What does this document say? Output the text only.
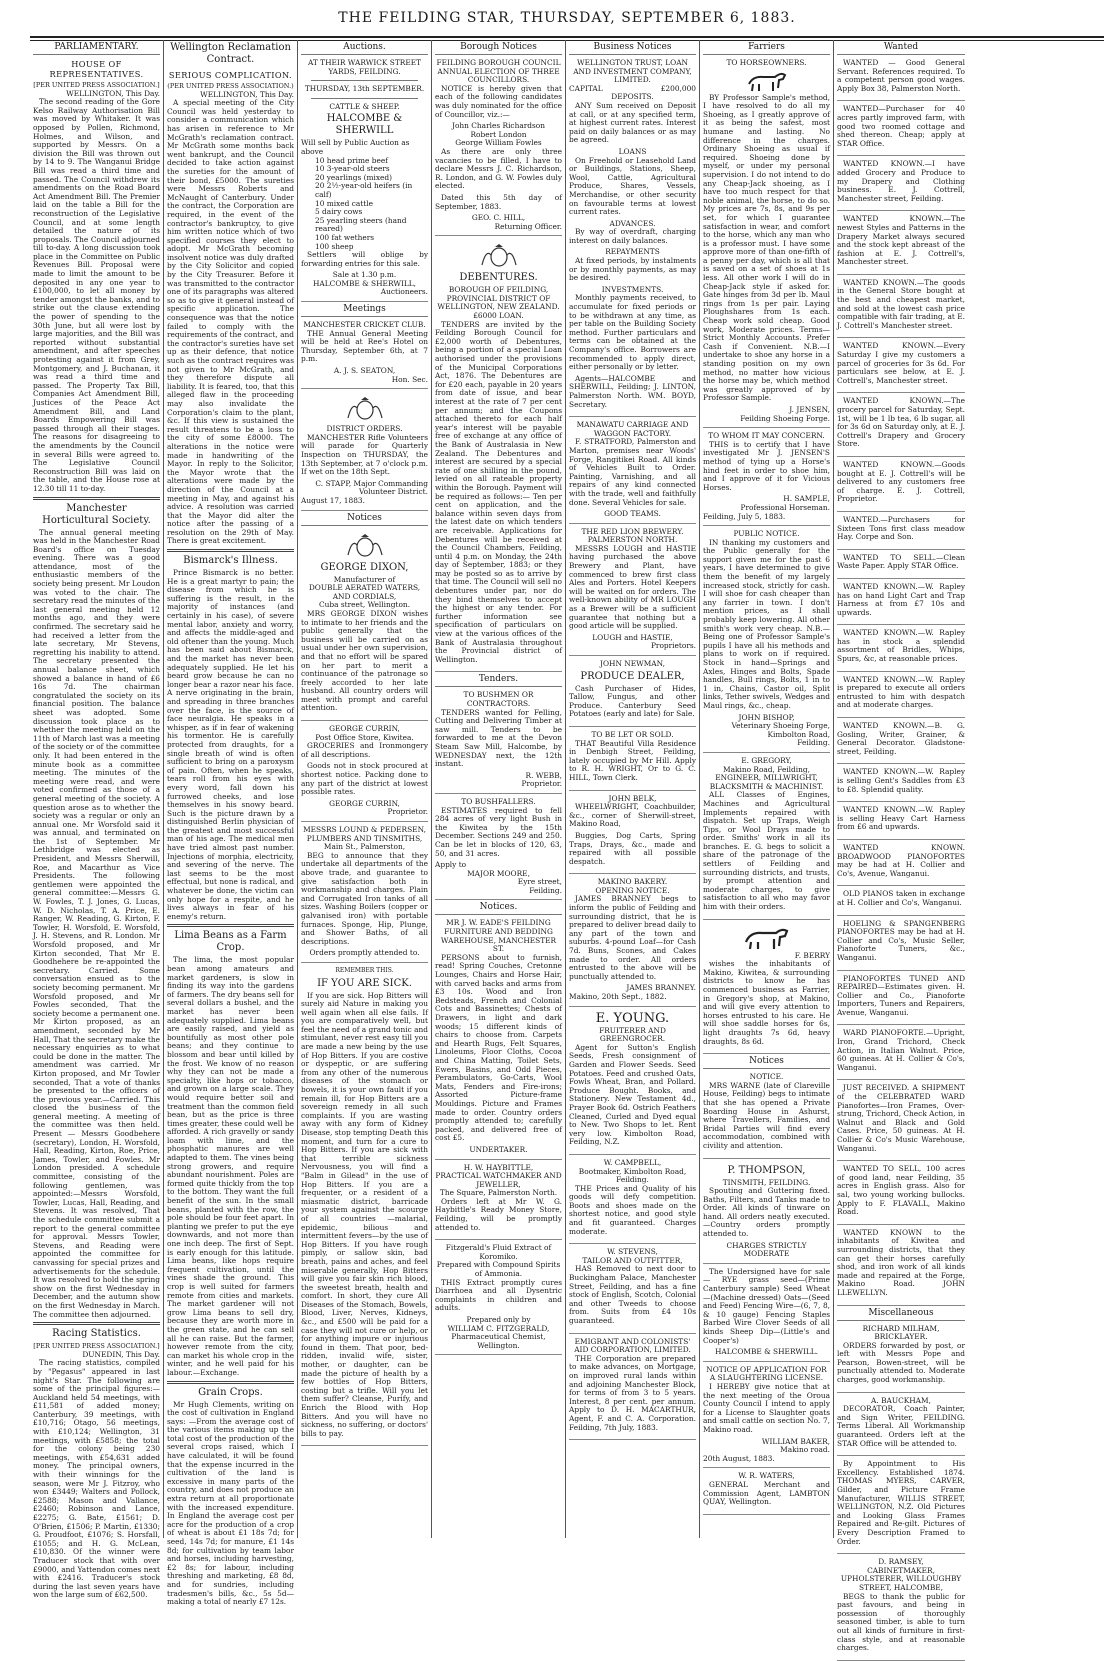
THE FEILDING STAR, THURSDAY, SEPTEMBER 6, 1883.
PARLIAMENTARY.
HOUSE OF REPRESENTATIVES.
[PER UNITED PRESS ASSOCIATION.]
WELLINGTON, This Day.

The second reading of the Gore Kelso Railway Authorisation Bill was moved by Whitaker. It was opposed by Pollen, Richmond, Holmes, and Wilson, and supported by Messrs. On a division the Bill was thrown out by 14 to 9. The Wanganui Bridge Bill was read a third time and passed. The Council withdrew its amendments on the Road Board Act Amendment Bill. The Premier laid on the table a Bill for the reconstruction of the Legislative Council, and at some length detailed the nature of its proposals. The Council adjourned till to-day. A long discussion took place in the Committee on Public Revenues Bill. Proposal were made to limit the amount to be deposited in any one year to £100,000, to let all money by tender amongst the banks, and to strike out the clause extending the power of spending to the 30th June, but all were lost by large majorities, and the Bill was reported without substantial amendment, and after speeches protesting against it from Grey, Montgomery, and J. Buchanan, it was read a third time and passed. The Property Tax Bill, Companies Act Amendment Bill, Justices of the Peace Act Amendment Bill, and Land Boards Empowering Bill was passed through all their stages. The reasons for disagreeing to the amendments by the Council in several Bills were agreed to. The Legislative Council Reconstruction Bill was laid on the table, and the House rose at 12.30 till 11 to-day.

Manchester Horticultural Society.

The annual general meeting was held in the Manchester Road Board's office on Tuesday evening. There was a good attendance, most of the enthusiastic members of the society being present. Mr Loudon was voted to the chair. The secretary read the minutes of the last general meeting held 12 months ago, and they were confirmed. The secretary said he had received a letter from the late secretary, Mr Stevens, regretting his inability to attend. The secretary presented the annual balance sheet, which showed a balance in hand of £6 16s 7d. The chairman congratulated the society on its financial position. The balance sheet was adopted. Some discussion took place as to whether the meeting held on the 11th of March last was a meeting of the society or of the committee only. It had been entered in the minute book as a committee meeting. The minutes of the meeting were read, and were voted confirmed as those of a general meeting of the society. A question arose as to whether the society was a regular or only an annual one. Mr Worsfold said it was annual, and terminated on the 1st of September. Mr Lethbridge was elected as President, and Messrs Sherwill, Roe, and Macarthur as Vice Presidents. The following gentlemen were appointed the general committee:—Messrs G. W. Fowles, T. J. Jones, G. Lucas, W. D. Nicholas, T. A. Price, E. Ranger, W. Reading, G. Kirton, F. Towler, H. Worsfold, E. Worsfold, J. H. Stevens, and R. London. Mr Worsfold proposed, and Mr Kirton seconded, That Mr E. Goodhehere be re-appointed the secretary. Carried. Some conversation ensued as to the society becoming permanent. Mr Worsfold proposed, and Mr Fowles seconded, That the society become a permanent one. Mr Kirton proposed, as an amendment, seconded by Mr Hall, That the secretary make the necessary enquiries as to what could be done in the matter. The amendment was carried. Mr Kirton proposed, and Mr Towler seconded, That a vote of thanks be presented to the officers of the previous year.—Carried. This closed the business of the general meeting. A meeting of the committee was then held. Present — Messrs Goodbehere (secretary), London, H. Worsfold, Hall, Reading, Kirton, Roe, Price, James, Towler, and Fowles. Mr London presided. A schedule committee, consisting of the following gentlemen, was appointed:—Messrs Worsfold, Towler, Lucas, Hall, Reading, and Stevens. It was resolved, That the schedule committee submit a report to the general committee for approval. Messrs Towler, Stevens, and Reading were appointed the committee for canvassing for special prizes and advertisements for the schedule. It was resolved to hold the spring show on the first Wednesday in December, and the autumn show on the first Wednesday in March. The committee then adjourned.

Racing Statistics.
[PER UNITED PRESS ASSOCIATION.]
DUNEDIN, This Day.

The racing statistics, compiled by "Pegasus" appeared in last night's Star. The following are some of the principal figures:—Auckland held 54 meetings, with £11,581 of added money; Canterbury, 39 meetings, with £10,716; Otago, 56 meetings, with £10,124; Wellington, 31 meetings, with £5858; the total for the colony being 230 meetings, with £54,631 added money. The principal owners, with their winnings for the season, were Mr J. Fitzroy, who won £3449; Walters and Pollock, £2588; Mason and Vallance, £2460; Robinson and Lance, £2275; G. Bate, £1561; D. O'Brien, £1506; P. Martin, £1330; G. Proudfoot, £1076; S. Horsfall, £1055; and H. G. McLean, £10,830. Of the winner were Traducer stock that with over £9000, and Yattendon comes next with £2416. Traducer's stock during the last seven years have won the large sum of £62,500.

Wellington Reclamation Contract.
SERIOUS COMPLICATION.
(PER UNITED PRESS ASSOCIATION.)
WELLINGTON, This Day.

A special meeting of the City Council was held yesterday to consider a communication which has arisen in reference to Mr McGrath's reclamation contract. Mr McGrath some months back went bankrupt, and the Council decided to take action against the sureties for the amount of their bond, £5000. The sureties were Messrs Roberts and McNaught of Canterbury. Under the contract, the Corporation are required, in the event of the contractor's bankruptcy, to give him written notice which of two specified courses they elect to adopt. Mr McGrath becoming insolvent notice was duly drafted by the City Solicitor and copied by the City Treasurer. Before it was transmitted to the contractor one of its paragraphs was altered so as to give it general instead of specific application. The consequence was that the notice failed to comply with the requirements of the contract, and the contractor's sureties have set up as their defence, that notice such as the contract requires was not given to Mr McGrath, and they therefore dispute all liability. It is feared, too, that this alleged flaw in the proceeding may also invalidate the Corporation's claim to the plant, &c. If this view is sustained the result threatens to be a loss to the city of some £8000. The alterations in the notice were made in handwriting of the Mayor. In reply to the Solicitor, the Mayor wrote that the alterations were made by the direction of the Council at a meeting in May, and against his advice. A resolution was carried that the Mayor did alter the notice after the passing of a resolution on the 29th of May. There is great excitement.

Bismarck's Illness.

Prince Bismarck is no better. He is a great martyr to pain; the disease from which he is suffering is the result, in the majority of instances (and certainly in his case), of severe mental labor, anxiety and worry, and affects the middle-aged and old oftener than the young. Much has been said about Bismarck, and the market has never been adequately supplied. He let his beard grow because he can no longer bear a razor near his face. A nerve originating in the brain, and spreading in three branches over the face, is the source of face neuralgia. He speaks in a whisper, as if in fear of wakening his tormentor. He is carefully protected from draughts, for a single breath of wind is often sufficient to bring on a paroxysm of pain. Often, when he speaks, tears roll from his eyes with every word, fall down his furrowed cheeks, and lose themselves in his snowy beard. Such is the picture drawn by a distinguished Berlin physician of the greatest and most successful man of his age. The medical men have tried almost past number. Injections of morphia, electricity, and severing of the nerve. The last seems to be the most effectual, but none is radical, and whatever be done, the victim can only hope for a respite, and he lives always in fear of his enemy's return.

Lima Beans as a Farm Crop.

The lima, the most popular bean among amateurs and market gardeners, is slow in finding its way into the gardens of farmers. The dry beans sell for several dollars a bushel, and the market has never been adequately supplied. Lima beans are easily raised, and yield as bountifully as most other pole beans; and they continue to blossom and bear until killed by the frost. We know of no reason why they can not be made a specialty, like hops or tobacco, and grown on a large scale. They would require better soil and treatment than the common field bean, but as the price is three times greater, these could well be afforded. A rich gravelly or sandy loam with lime, and the phosphatic manures are well adapted to them. The vines being strong growers, and require abundant nourishment. Poles are formed quite thickly from the top to the bottom. They want the full benefit of the sun. In the small beans, planted with the row, the pole should be four feet apart. In planting we prefer to put the eye downwards, and not more than one inch deep. The first of Sept. is early enough for this latitude. Lima beans, like hops require frequent cultivation, until the vines shade the ground. This crop is well suited for farmers remote from cities and markets. The market gardener will not grow Lima beans to sell dry, because they are worth more in the green state, and he can sell all he can raise. But the farmer, however remote from the city, can market his whole crop in the winter, and he well paid for his labour.—Exchange.

Grain Crops.

Mr Hugh Clements, writing on the cost of cultivation in England says: —From the average cost of the various items making up the total cost of the production of the several crops raised, which I have calculated, it will be found that the expense incurred in the cultivation of the land is excessive in many parts of the country, and does not produce an extra return at all proportionate with the increased expenditure. In England the average cost per acre for the production of a crop of wheat is about £1 18s 7d; for seed, 14s 7d; for manure, £1 14s 8d; for cultivation by team labor and horses, including harvesting, £2 8s; for labour, including threshing and marketing, £8 8d, and for sundries, including tradesmen's bills, &c., 5s 5d—making a total of nearly £7 12s.

Auctions.
AT THEIR WARWICK STREET
YARDS, FEILDING.
THURSDAY, 13th SEPTEMBER.
CATTLE & SHEEP.
HALCOMBE & SHERWILL
Will sell by Public Auction as above
10 head prime beef
10 3-year-old steers
20 yearlings (mixed)
20 2½-year-old heifers (in calf)
10 mixed cattle
5 dairy cows
25 yearling steers (hand reared)
100 fat wethers
100 sheep

Settlers will oblige by forwarding entries for this sale.

Sale at 1.30 p.m.
HALCOMBE & SHERWILL,
Auctioneers.
Meetings
MANCHESTER CRICKET CLUB.

THE Annual General Meeting will be held at Ree's Hotel on Thursday, September 6th, at 7 p.m.

A. J. S. SEATON,
Hon. Sec.
DISTRICT ORDERS.

MANCHESTER Rifle Volunteers will parade for Quarterly Inspection on THURSDAY, the 13th September, at 7 o'clock p.m. If wet on the 18th Sept.

C. STAPP, Major Commanding
Volunteer District.
August 17, 1883.
Notices
GEORGE DIXON,
Manufacturer of
DOUBLE AERATED WATERS, AND CORDIALS,
Cuba street, Wellington.

MRS GEORGE DIXON wishes to intimate to her friends and the public generally that the business will be carried on as usual under her own supervision, and that no effort will be spared on her part to merit a continuance of the patronage so freely accorded to her late husband. All country orders will meet with prompt and careful attention.

GEORGE CURRIN,
Post Office Store, Kiwitea.

GROCERIES and Ironmongery of all descriptions.

Goods not in stock procured at shortest notice. Packing done to any part of the district at lowest possible rates.

GEORGE CURRIN,
Proprietor.
MESSRS LOUND & PEDERSEN,
PLUMBERS AND TINSMITHS,
Main St., Palmerston,

BEG to announce that they undertake all departments of the above trade, and guarantee to give satisfaction both in workmanship and charges. Plain and Corrugated Iron tanks of all sizes. Washing Boilers (copper or galvanised iron) with portable furnaces. Sponge, Hip, Plunge, and Shower Baths, of all descriptions.

Orders promptly attended to.
REMEMBER THIS.
IF YOU ARE SICK.

If you are sick. Hop Bitters will surely aid Nature in making you well again when all else fails. If you are comparatively well, but feel the need of a grand tonic and stimulant, never rest easy till you are made a new being by the use of Hop Bitters. If you are costive or dyspeptic, or are suffering from any other of the numerous diseases of the stomach or bowels, it is your own fault if you remain ill, for Hop Bitters are a sovereign remedy in all such complaints. If you are wasting away with any form of Kidney Disease, stop tempting Death this moment, and turn for a cure to Hop Bitters. If you are sick with that terrible sickness Nervousness, you will find a "Balm in Gilead" in the use of Hop Bitters. If you are a frequenter, or a resident of a miasmatic district, barricade your system against the scourge of all countries —malarial, epidemic, bilious and intermittent fevers—by the use of Hop Bitters. If you have rough pimply, or sallow skin, bad breath, pains and aches, and feel miserable generally, Hop Bitters will give you fair skin rich blood, the sweetest breath, health and comfort. In short, they cure All Diseases of the Stomach, Bowels, Blood, Liver, Nerves, Kidneys, &c., and £500 will be paid for a case they will not cure or help, or for anything impure or injurious found in them. That poor, bed-ridden, invalid wife, sister, mother, or daughter, can be made the picture of health by a few bottles of Hop Bitters, costing but a trifle. Will you let them suffer? Cleanse, Purify, and Enrich the Blood with Hop Bitters. And you will have no sickness, no suffering, or doctors' bills to pay.

Borough Notices
FEILDING BOROUGH COUNCIL
ANNUAL ELECTION OF THREE COUNCILLORS.

NOTICE is hereby given that each of the following candidates was duly nominated for the office of Councillor, viz.:—

John Charles Richardson
Robert London
George William Fowles

As there are only three vacancies to be filled, I have to declare Messrs J. C. Richardson, R. London, and G. W. Fowles duly elected.

Dated this 5th day of September, 1883.

GEO. C. HILL,
Returning Officer.
DEBENTURES.
BOROUGH OF FEILDING, PROVINCIAL DISTRICT OF WELLINGTON, NEW ZEALAND.
£6000 LOAN.

TENDERS are invited by the Feilding Borough Council for £2,000 worth of Debentures, being a portion of a special Loan authorised under the provisions of the Municipal Corporations Act, 1876. The Debentures are for £20 each, payable in 20 years from date of issue, and bear interest at the rate of 7 per cent per annum; and the Coupons attached thereto for each half year's interest will be payable free of exchange at any office of the Bank of Australasia in New Zealand. The Debentures and interest are secured by a special rate of one shilling in the pound, levied on all rateable property within the Borough. Payment will be required as follows:— Ten per cent on application, and the balance within seven days from the latest date on which tenders are receivable. Applications for Debentures will be received at the Council Chambers, Feilding, until 4 p.m. on Monday, the 24th day of September, 1883; or they may be posted so as to arrive by that time. The Council will sell no debentures under par, nor do they bind themselves to accept the highest or any tender. For further information see specification of particulars on view at the various offices of the Bank of Australasia throughout the Provincial district of Wellington.

Tenders.
TO BUSHMEN OR CONTRACTORS.

TENDERS wanted for Felling, Cutting and Delivering Timber at saw mill. Tenders to be forwarded to me at the Devon Steam Saw Mill, Halcombe, by WEDNESDAY next, the 12th instant.

R. WEBB,
Proprietor.
TO BUSHFALLERS.

ESTIMATES required to fell 284 acres of very light Bush in the Kiwitea by the 15th December. Sections 249 and 250. Can be let in blocks of 120, 63, 50, and 31 acres.

Apply to
MAJOR MOORE,
Eyre street,
Feilding.
Notices.
MR J. W. EADE'S FEILDING FURNITURE AND BEDDING WAREHOUSE, MANCHESTER ST.

PERSONS about to furnish, read! Spring Couches, Cretonne Lounges, Chairs and Horse Hair, with carved backs and arms from £3 10s. Wood and Iron Bedsteads, French and Colonial Cots and Bassinettes; Chests of Drawers, in light and dark woods; 15 different kinds of chairs to choose from. Carpets and Hearth Rugs, Felt Squares, Linoleums, Floor Cloths, Cocoa and China Matting, Toilet Sets, Ewers, Basins, and Odd Pieces, Perambulators, Go-Carts, Wool Mats, Fenders and Fire-irons; Assorted Picture-frame Mouldings. Picture and Frames made to order. Country orders promptly attended to; carefully packed, and delivered free of cost £5.

UNDERTAKER.
H. W. HAYBITTLE,
PRACTICAL WATCHMAKER AND JEWELLER,
The Square, Palmerston North.

Orders left at Mr W. G. Haybittle's Ready Money Store, Feilding, will be promptly attended to.

Fitzgerald's Fluid Extract of Koromiko.
Prepared with Compound Spirits of Ammonia.

THIS Extract promptly cures Diarrhoea and all Dysentric complaints in children and adults.

Prepared only by
WILLIAM C. FITZGERALD,
Pharmaceutical Chemist, Wellington.
Business Notices
WELLINGTON TRUST, LOAN AND INVESTMENT COMPANY, LIMITED.
CAPITAL	£200,000
DEPOSITS.

ANY Sum received on Deposit at call, or at any specified term, at highest current rates. Interest paid on daily balances or as may be agreed.

LOANS

On Freehold or Leasehold Land or Buildings, Stations, Sheep, Wool, Cattle, Agricultural Produce, Shares, Vessels, Merchandise, or other security on favourable terms at lowest current rates.

ADVANCES.

By way of overdraft, charging interest on daily balances.

REPAYMENTS

At fixed periods, by instalments or by monthly payments, as may be desired.

INVESTMENTS.

Monthly payments received, to accumulate for fixed periods or to be withdrawn at any time, as per table on the Building Society method. Further particulars and terms can be obtained at the Company's office. Borrowers are recommended to apply direct, either personally or by letter.

Agents—HALCOMBE and SHERWILL, Feilding; J. LINTON, Palmerston North. WM. BOYD, Secretary.

MANAWATU CARRIAGE AND WAGGON FACTORY.

F. STRATFORD, Palmerston and Marton, premises near Woods' Forge, Rangitikei Road. All kinds of Vehicles Built to Order. Painting, Varnishing, and all repairs of any kind connected with the trade, well and faithfully done. Several Vehicles for sale.

GOOD TEAMS.
THE RED LION BREWERY.
PALMERSTON NORTH.

MESSRS LOUGH and HASTIE having purchased the above Brewery and Plant, have commenced to brew first class Ales and Porters. Hotel Keepers will be waited on for orders. The well-known ability of MR LOUGH as a Brewer will be a sufficient guarantee that nothing but a good article will be supplied.

LOUGH and HASTIE,
Proprietors.
JOHN NEWMAN,
PRODUCE DEALER,

Cash Purchaser of Hides, Tallow, Fungus, and other Produce. Canterbury Seed Potatoes (early and late) for Sale.

TO BE LET OR SOLD.

THAT Beautiful Villa Residence in Denbigh Street, Feilding, lately occupied by Mr Hill. Apply to R. H. WRIGHT, Or to G. C. HILL, Town Clerk.

JOHN BELK,

WHEELWRIGHT, Coachbuilder, &c., corner of Sherwill-street, Makino Road,

Buggies, Dog Carts, Spring Traps, Drays, &c., made and repaired with all possible despatch.

MAKINO BAKERY.
OPENING NOTICE.

JAMES BRANNEY begs to inform the public of Feilding and surrounding district, that he is prepared to deliver bread daily to any part of the town and suburbs. 4-pound Loaf—for Cash 7d. Buns, Scones, and Cakes made to order. All orders entrusted to the above will be punctually attended to.

JAMES BRANNEY.
Makino, 20th Sept., 1882.
E. YOUNG.
FRUITERER AND GREENGROCER.

Agent for Sutton's English Seeds, Fresh consignment of Garden and Flower Seeds. Seed Potatoes. Feed and crushed Oats, Fowls Wheat, Bran, and Pollard. Produce Bought. Books, and Stationery. New Testament 4d., Prayer Book 6d. Ostrich Feathers Cleaned, Curled and Dyed equal to New. Two Shops to let. Rent very low. Kimbolton Road, Feilding, N.Z.

W. CAMPBELL,
Bootmaker, Kimbolton Road, Feilding.

THE Prices and Quality of his goods will defy competition. Boots and shoes made on the shortest notice, and good style and fit guaranteed. Charges moderate.

W. STEVENS,
TAILOR AND OUTFITTER,

HAS Removed to next door to Buckingham Palace, Manchester Street, Feilding, and has a fine stock of English, Scotch, Colonial and other Tweeds to choose from. Suits from £4 10s guaranteed.

EMIGRANT AND COLONISTS' AID CORPORATION, LIMITED.

THE Corporation are prepared to make advances, on Mortgage, on improved rural lands within and adjoining Manchester Block, for terms of from 3 to 5 years. Interest, 8 per cent. per annum. Apply to D. H. MACARTHUR, Agent, F. and C. A. Corporation. Feilding, 7th July, 1883.

Farriers
TO HORSEOWNERS.

BY Professor Sample's method, I have resolved to do all my Shoeing, as I greatly approve of it as being the safest, most humane and lasting. No difference in the charges. Ordinary Shoeing as usual if required. Shoeing done by myself, or under my personal supervision. I do not intend to do any Cheap-Jack shoeing, as I have too much respect for that noble animal, the horse, to do so. My prices are 7s, 8s, and 9s per set, for which I guarantee satisfaction in wear, and comfort to the horse, which any man who is a professor must. I have some approve more of than one-fifth of a penny per day, which is all that is saved on a set of shoes at 1s less. All other work I will do in Cheap-Jack style if asked for. Gate hinges from 3d per lb. Maul rings from 1s per pair. Laying Ploughshares from 1s each. Cheap work sold cheap. Good work, Moderate prices. Terms—Strict Monthly Accounts. Prefer Cash if Convenient. N.B.—I undertake to shoe any horse in a standing position on my own method, no matter how vicious the horse may be, which method was greatly approved of by Professor Sample.

J. JENSEN,
Feilding Shoeing Forge.
TO WHOM IT MAY CONCERN.

THIS is to certify that I have investigated Mr J. JENSEN'S method of tying up a Horse's hind feet in order to shoe him, and I approve of it for Vicious Horses.

H. SAMPLE,
Professional Horseman.
Feilding, July 5, 1883.
PUBLIC NOTICE.

IN thanking my customers and the Public generally for the support given me for the past 6 years, I have determined to give them the benefit of my largely increased stock, strictly for cash. I will shoe for cash cheaper than any farrier in town. I don't mention prices, as I shall probably keep lowering. All other smith's work very cheap. N.B.—Being one of Professor Sample's pupils I have all his methods and plans to work on if required. Stock in hand—Springs and Axles, Hinges and Bolts, Spade handles, Bull rings, Bolts, 1 in to 1 in, Chains, Castor oil, Split links, Tether swivels, Wedges and Maul rings, &c., cheap.

JOHN BISHOP,
Veterinary Shoeing Forge,
Kimbolton Road,
Feilding.
E. GREGORY,
Makino Road, Feilding,
ENGINEER, MILLWRIGHT, BLACKSMITH & MACHINIST.

ALL Classes of Engines, Machines and Agricultural Implements repaired with dispatch. Set up Traps, Weigh Tips, or Wool Drays made to order. Smiths' work in all its branches. E. G. begs to solicit a share of the patronage of the settlers of Feilding and surrounding districts, and trusts, by prompt attention and moderate charges, to give satisfaction to all who may favor him with their orders.

F. BERRY

wishes the inhabitants of Makino, Kiwitea, & surrounding districts to know he has commenced business as Farrier, in Gregory's shop, at Makino, and will give every attention to horses entrusted to his care. He will shoe saddle horses for 6s, light draughts 7s 6d, heavy draughts, 8s 6d.

Notices
NOTICE.

MRS WARNE (late of Clareville House, Feilding) begs to intimate that she has opened a Private Boarding House in Ashurst, where Travellers, Families, and Bridal Parties will find every accommodation, combined with civility and attention.

P. THOMPSON,
TINSMITH, FEILDING.

Spouting and Guttering fixed. Baths, Filters, and Tanks made to Order. All kinds of tinware on hand. All orders neatly executed.—Country orders promptly attended to.

CHARGES STRICTLY MODERATE

The Undersigned have for sale— RYE grass seed—(Prime Canterbury sample) Seed Wheat—(Machine dressed) Oats—(Seed and Feed) Fencing Wire—(6, 7, 8, & 10 gauge) Fencing Staples Barbed Wire Clover Seeds of all kinds Sheep Dip—(Little's and Cooper's)

HALCOMBE & SHERWILL.
NOTICE OF APPLICATION FOR A SLAUGHTERING LICENSE.

I HEREBY give notice that at the next meeting of the Oroua County Council I intend to apply for a License to Slaughter goats and small cattle on section No. 7, Makino road.

WILLIAM BAKER,
Makino road.
20th August, 1883.
W. R. WATERS,

GENERAL Merchant and Commission Agent, LAMBTON QUAY, Wellington.

Wanted

WANTED — Good General Servant. References required. To a competent person good wages. Apply Box 38, Palmerston North.

WANTED—Purchaser for 40 acres partly improved farm, with good two roomed cottage and shed thereon. Cheap; apply at STAR Office.

WANTED KNOWN.—I have added Grocery and Produce to my Drapery and Clothing business. E. J. Cottrell, Manchester street, Feilding.

WANTED KNOWN.—The newest Styles and Patterns in the Drapery Market always secured and the stock kept abreast of the fashion at E. J. Cottrell's, Manchester street.

WANTED KNOWN.—The goods in the General Store bought at the best and cheapest market, and sold at the lowest cash price compatible with fair trading, at E. J. Cottrell's Manchester street.

WANTED KNOWN.—Every Saturday I give my customers a parcel of groceries for 3s 6d. For particulars see below, at E. J. Cottrell's, Manchester street.

WANTED KNOWN.—The grocery parcel for Saturday, Sept. 1st, will be 1 lb tea, 6 lb sugar, all for 3s 6d on Saturday only, at E. J. Cottrell's Drapery and Grocery Store.

WANTED KNOWN.—Goods bought at E. J. Cottrell's will be delivered to any customers free of charge. E. J. Cottrell, Proprietor.

WANTED.—Purchasers for Sixteen Tons first class meadow Hay. Corpe and Son.

WANTED TO SELL.—Clean Waste Paper. Apply STAR Office.

WANTED KNOWN.—W. Rapley has on hand Light Cart and Trap Harness at from £7 10s and upwards.

WANTED KNOWN.—W. Rapley has in stock a splendid assortment of Bridles, Whips, Spurs, &c, at reasonable prices.

WANTED KNOWN.—W. Rapley is prepared to execute all orders entrusted to him with despatch and at moderate charges.

WANTED KNOWN.—B. G. Gosling, Writer, Grainer, & General Decorator. Gladstone-street, Feilding.

WANTED KNOWN.—W. Rapley is selling Gent's Saddles from £3 to £8. Splendid quality.

WANTED KNOWN.—W. Rapley is selling Heavy Cart Harness from £6 and upwards.

WANTED KNOWN. BROADWOOD PIANOFORTES may be had at H. Collier and Co's, Avenue, Wanganui.

OLD PIANOS taken in exchange at H. Collier and Co's, Wanganui.

HOELING & SPANGENBERG PIANOFORTES may be had at H. Collier and Co's, Music Seller, Pianoforte Tuners, &c., Wanganui.

PIANOFORTES TUNED AND REPAIRED—Estimates given. H. Collier and Co., Pianoforte Importers, Tuners and Repairers, Avenue, Wanganui.

WARD PIANOFORTE.—Upright, Iron, Grand Trichord, Check Action, in Italian Walnut. Price, 60 guineas. At H. Collier & Co's, Wanganui.

JUST RECEIVED. A SHIPMENT of the CELEBRATED WARD Pianofortes—Iron Frames, Over-strung, Trichord, Check Action, in Walnut and Black and Gold Cases. Price, 50 guineas. At H. Collier & Co's Music Warehouse, Wanganui.

WANTED TO SELL, 100 acres of good land, near Feilding, 35 acres in English grass. Also for sal, two young working bullocks. Apply to F. FLAVALL, Makino Road.

WANTED KNOWN to the inhabitants of Kiwitea and surrounding districts, that they can get their horses carefully shod, and iron work of all kinds made and repaired at the Forge, Makino Road. JOHN LLEWELLYN.

Miscellaneous
RICHARD MILHAM,
BRICKLAYER.

ORDERS forwarded by post, or left with Messrs Pope and Pearson, Bowen-street, will be punctually attended to. Moderate charges, good workmanship.

A. BAUCKHAM,

DECORATOR, Coach Painter, and Sign Writer, FEILDING. Terms Liberal. All Workmanship guaranteed. Orders left at the STAR Office will be attended to.

By Appointment to His Excellency. Established 1874. THOMAS MYERS, CARVER, Gilder, and Picture Frame Manufacturer, WILLIS STREET, WELLINGTON, N.Z. Old Pictures and Looking Glass Frames Repaired and Re-gilt. Pictures of Every Description Framed to Order.

D. RAMSEY,
CABINETMAKER, UPHOLSTERER, WILLOUGHBY STREET, HALCOMBE,

BEGS to thank the public for past favours, and being in possession of thoroughly seasoned timber, is able to turn out all kinds of furniture in first-class style, and at reasonable charges.
